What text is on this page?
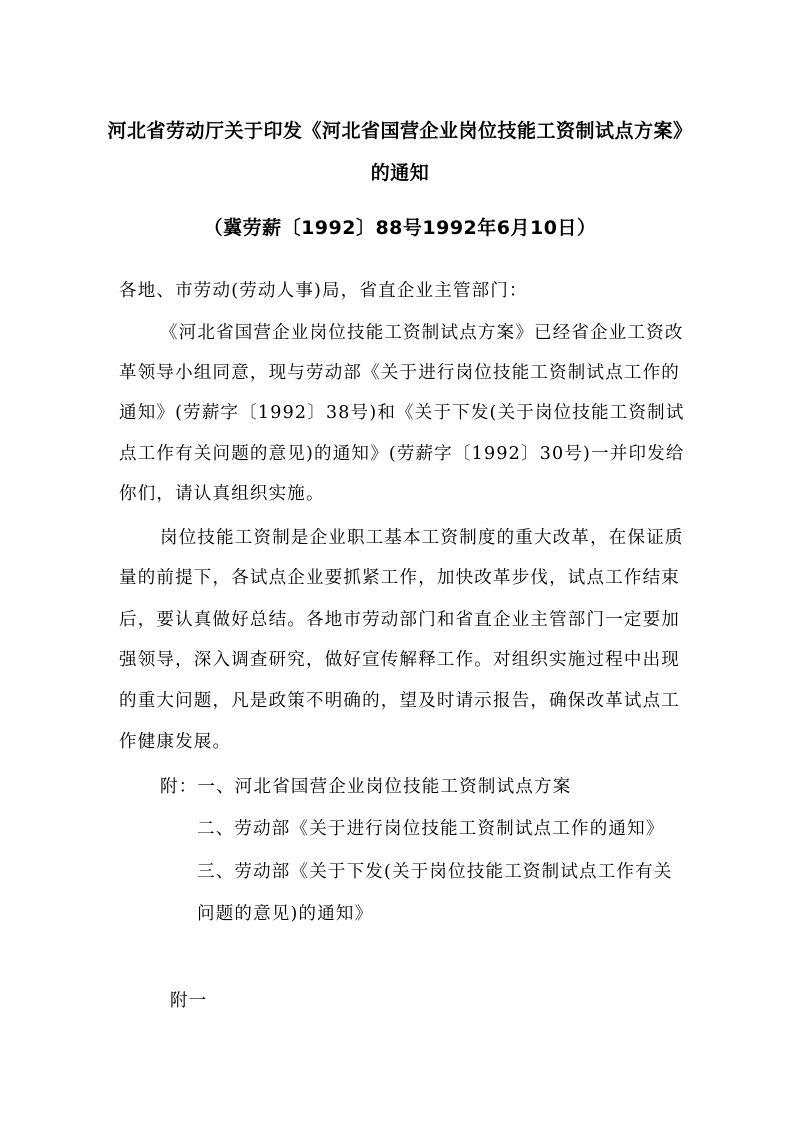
河北省劳动厅关于印发《河北省国营企业岗位技能工资制试点方案》
的通知
（冀劳薪〔1992〕88号1992年6月10日）
各地、市劳动(劳动人事)局，省直企业主管部门：
《河北省国营企业岗位技能工资制试点方案》已经省企业工资改
革领导小组同意，现与劳动部《关于进行岗位技能工资制试点工作的
通知》(劳薪字〔1992〕38号)和《关于下发(关于岗位技能工资制试
点工作有关问题的意见)的通知》(劳薪字〔1992〕30号)一并印发给
你们，请认真组织实施。
岗位技能工资制是企业职工基本工资制度的重大改革，在保证质
量的前提下，各试点企业要抓紧工作，加快改革步伐，试点工作结束
后，要认真做好总结。各地市劳动部门和省直企业主管部门一定要加
强领导，深入调查研究，做好宣传解释工作。对组织实施过程中出现
的重大问题，凡是政策不明确的，望及时请示报告，确保改革试点工
作健康发展。
附：一、河北省国营企业岗位技能工资制试点方案
二、劳动部《关于进行岗位技能工资制试点工作的通知》
三、劳动部《关于下发(关于岗位技能工资制试点工作有关
问题的意见)的通知》
附一
